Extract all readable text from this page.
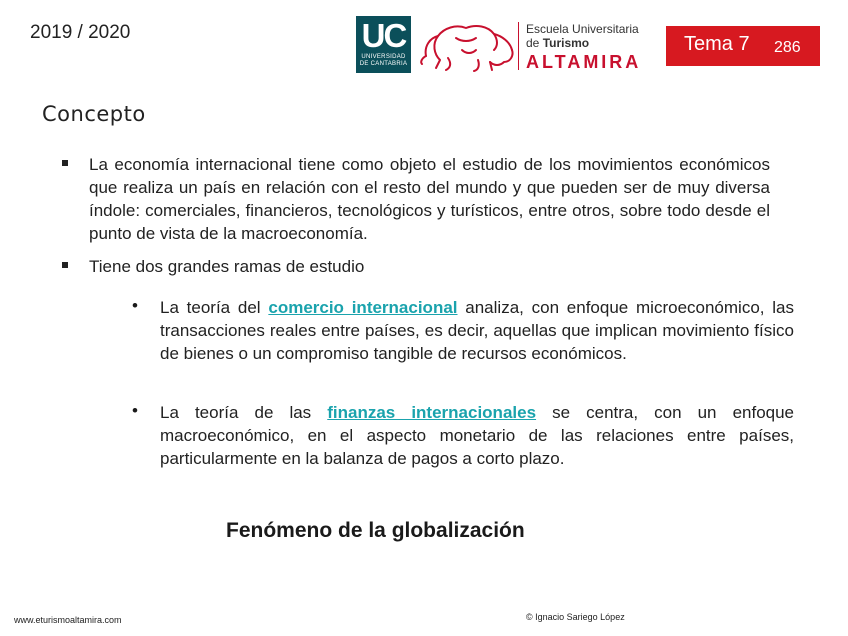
2019 / 2020	UC
UNIVERSIDAD DE CANTABRIA
Escuela Universitaria
de Turismo
ALTAMIRA
Tema 7 286
Concepto
La economía internacional tiene como objeto el estudio de los movimientos económicos que realiza un país en relación con el resto del mundo y que pueden ser de muy diversa índole: comerciales, financieros, tecnológicos y turísticos, entre otros, sobre todo desde el punto de vista de la macroeconomía.
Tiene dos grandes ramas de estudio
• La teoría del comercio internacional analiza, con enfoque microeconómico, las transacciones reales entre países, es decir, aquellas que implican movimiento físico de bienes o un compromiso tangible de recursos económicos.
• La teoría de las finanzas internacionales se centra, con un enfoque macroeconómico, en el aspecto monetario de las relaciones entre países, particularmente en la balanza de pagos a corto plazo.
Fenómeno de la globalización
www.eturismoaltamira.com	© Ignacio Sariego López
